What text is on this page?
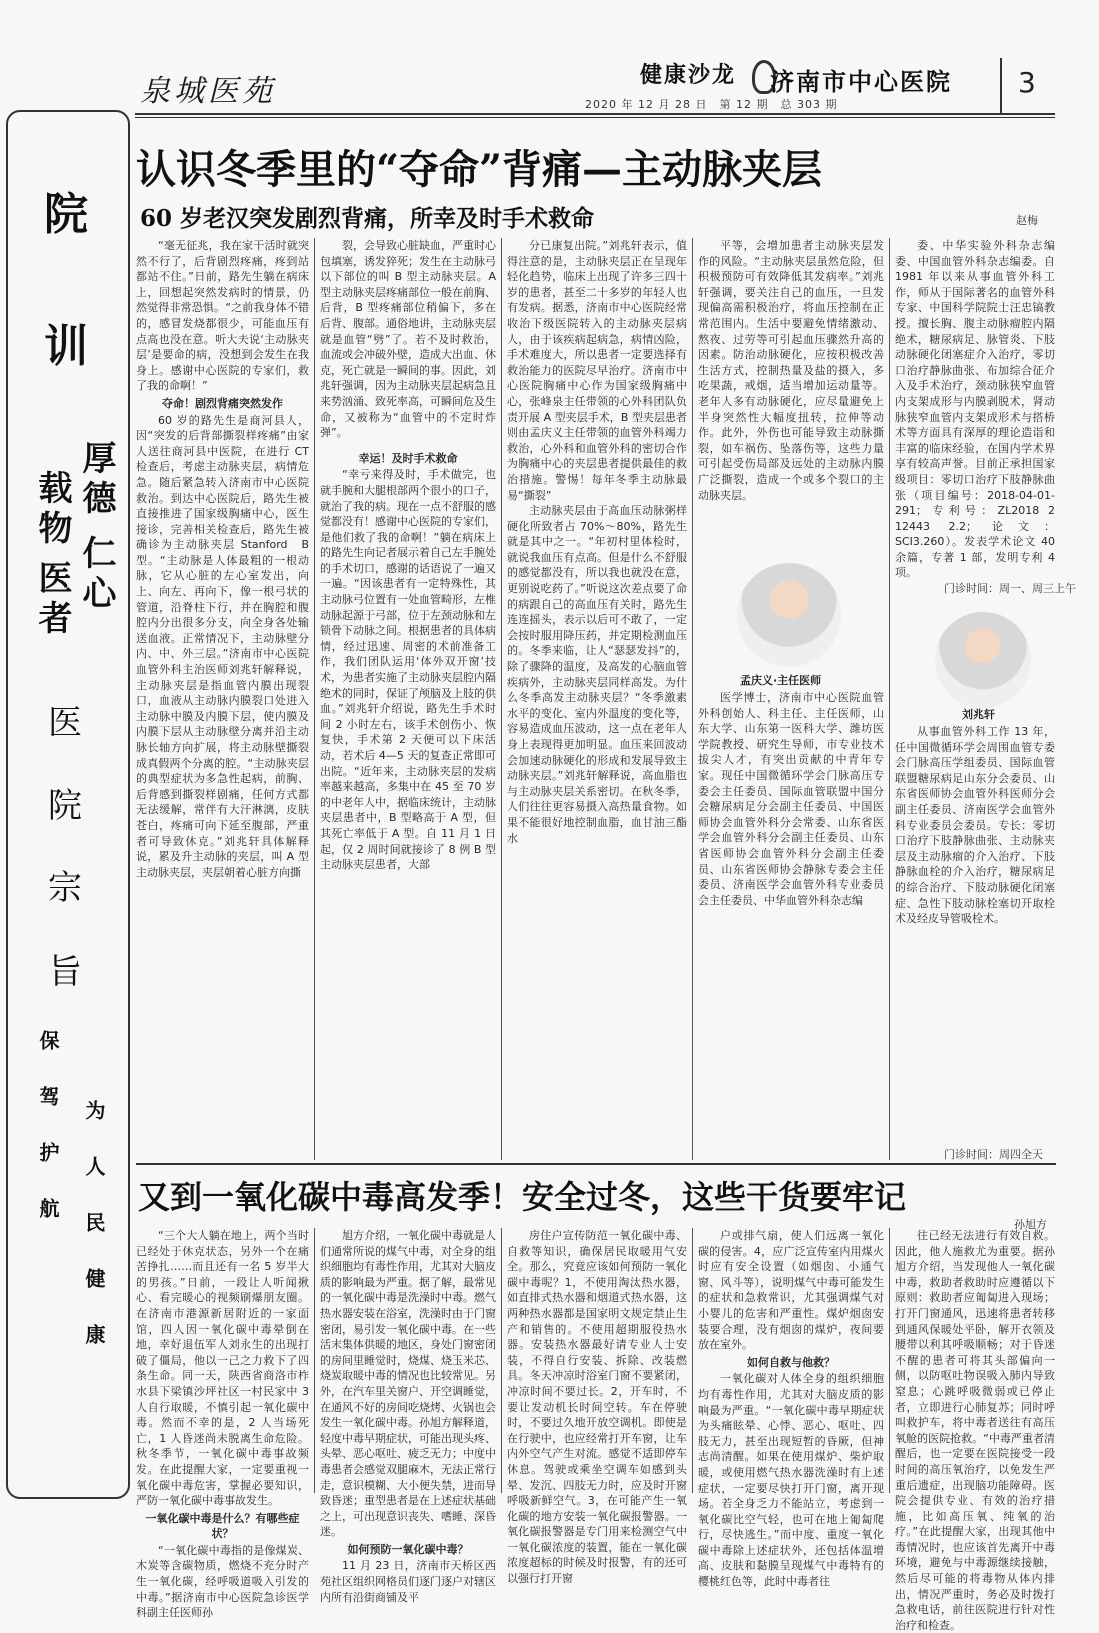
泉城医苑	健康沙龙 济南市中心医院 3
2020 年 12 月 28 日　第 12 期　总 303 期
院
训
厚德
仁心
载物
医者
医
院
宗
旨
保驾护航 为人民健康
认识冬季里的“夺命”背痛—主动脉夹层
60 岁老汉突发剧烈背痛，所幸及时手术救命	赵梅

“毫无征兆，我在家干活时就突然不行了，后背剧烈疼痛，疼到站都站不住。”日前，路先生躺在病床上，回想起突然发病时的情景，仍然觉得非常恐惧。“之前我身体不错的，感冒发烧都很少，可能血压有点高也没在意。听大夫说‘主动脉夹层’是要命的病，没想到会发生在我身上。感谢中心医院的专家们，救了我的命啊！”

夺命！剧烈背痛突然发作

60 岁的路先生是商河县人，因“突发的后背部撕裂样疼痛”由家人送往商河县中医院，在进行 CT 检查后，考虑主动脉夹层，病情危急。随后紧急转入济南市中心医院救治。到达中心医院后，路先生被直接推进了国家级胸痛中心，医生接诊，完善相关检查后，路先生被确诊为主动脉夹层 Stanford　B 型。“主动脉是人体最粗的一根动脉，它从心脏的左心室发出，向上、向左、再向下，像一根弓状的管道，沿脊柱下行，并在胸腔和腹腔内分出很多分支，向全身各处输送血液。正常情况下，主动脉壁分内、中、外三层。”济南市中心医院血管外科主治医师刘兆轩解释说，主动脉夹层是指血管内膜出现裂口，血液从主动脉内膜裂口处进入主动脉中膜及内膜下层，使内膜及内膜下层从主动脉壁分离并沿主动脉长轴方向扩展，将主动脉壁撕裂成真假两个分离的腔。“主动脉夹层的典型症状为多急性起病，前胸、后背感到撕裂样剧痛，任何方式都无法缓解，常伴有大汗淋漓，皮肤苍白，疼痛可向下延至腹部，严重者可导致休克。”刘兆轩具体解释说，累及升主动脉的夹层，叫 A 型主动脉夹层，夹层朝着心脏方向撕

裂，会导致心脏缺血，严重时心包填塞，诱发猝死；发生在主动脉弓以下部位的叫 B 型主动脉夹层。A 型主动脉夹层疼痛部位一般在前胸、后背，B 型疼痛部位稍偏下，多在后背、腹部。通俗地讲，主动脉夹层就是血管“劈”了。若不及时救治，血流或会冲破外壁，造成大出血、休克，死亡就是一瞬间的事。因此，刘兆轩强调，因为主动脉夹层起病急且来势汹涌、致死率高，可瞬间危及生命，又被称为“血管中的不定时炸弹”。

幸运！及时手术救命

“幸亏来得及时，手术做完，也就手腕和大腿根部两个很小的口子，就治了我的病。现在一点不舒服的感觉都没有！感谢中心医院的专家们，是他们救了我的命啊！”躺在病床上的路先生向记者展示着自己左手腕处的手术切口，感谢的话语说了一遍又一遍。“因该患者有一定特殊性，其主动脉弓位置有一处血管畸形，左椎动脉起源于弓部，位于左颈动脉和左锁骨下动脉之间。根据患者的具体病情，经过迅速、周密的术前准备工作，我们团队运用‘体外双开窗’技术，为患者实施了主动脉夹层腔内隔绝术的同时，保证了颅脑及上肢的供血。”刘兆轩介绍说，路先生手术时间 2 小时左右，该手术创伤小、恢复快，手术第 2 天便可以下床活动，若术后 4—5 天的复查正常即可出院。“近年来，主动脉夹层的发病率越来越高，多集中在 45 至 70 岁的中老年人中，据临床统计，主动脉夹层患者中，B 型略高于 A 型，但其死亡率低于 A 型。自 11 月 1 日起，仅 2 周时间就接诊了 8 例 B 型主动脉夹层患者，大部

分已康复出院。”刘兆轩表示，值得注意的是，主动脉夹层正在呈现年轻化趋势，临床上出现了许多三四十岁的患者，甚至二十多岁的年轻人也有发病。据悉，济南市中心医院经常收治下级医院转入的主动脉夹层病人，由于该疾病起病急，病情凶险，手术难度大，所以患者一定要选择有救治能力的医院尽早治疗。济南市中心医院胸痛中心作为国家级胸痛中心，张峰泉主任带领的心外科团队负责开展 A 型夹层手术，B 型夹层患者则由孟庆义主任带领的血管外科竭力救治，心外科和血管外科的密切合作为胸痛中心的夹层患者提供最佳的救治措施。警惕！每年冬季主动脉最易“撕裂”

主动脉夹层由于高血压动脉粥样硬化所致者占 70%～80%，路先生就是其中之一。“年初村里体检时，就说我血压有点高。但是什么不舒服的感觉都没有，所以我也就没在意，更别说吃药了。”听说这次差点要了命的病跟自己的高血压有关时，路先生连连摇头，表示以后可不敢了，一定会按时服用降压药，并定期检测血压的。冬季来临，让人“瑟瑟发抖”的，除了骤降的温度，及高发的心脑血管疾病外，主动脉夹层同样高发。为什么冬季高发主动脉夹层？“冬季激素水平的变化、室内外温度的变化等，容易造成血压波动，这一点在老年人身上表现得更加明显。血压来回波动会加速动脉硬化的形成和发展导致主动脉夹层。”刘兆轩解释说，高血脂也与主动脉夹层关系密切。在秋冬季，人们往往更容易摄入高热量食物。如果不能很好地控制血脂，血甘油三酯水

平等，会增加患者主动脉夹层发作的风险。“主动脉夹层虽然危险，但积极预防可有效降低其发病率。”刘兆轩强调，要关注自己的血压，一旦发现偏高需积极治疗，将血压控制在正常范围内。生活中要避免情绪激动、熬夜、过劳等可引起血压骤然升高的因素。防治动脉硬化，应按积极改善生活方式，控制热量及盐的摄入，多吃果蔬，戒烟，适当增加运动量等。老年人多有动脉硬化，应尽量避免上半身突然性大幅度扭转，拉伸等动作。此外，外伤也可能导致主动脉撕裂，如车祸伤、坠落伤等，这些力量可引起受伤局部及远处的主动脉内膜广泛撕裂，造成一个或多个裂口的主动脉夹层。

孟庆义·主任医师

医学博士，济南市中心医院血管外科创始人、科主任、主任医师，山东大学、山东第一医科大学、潍坊医学院教授、研究生导师，市专业技术拔尖人才，有突出贡献的中青年专家。现任中国微循环学会门脉高压专委会主任委员、国际血管联盟中国分会糖尿病足分会副主任委员、中国医师协会血管外科分会常委、山东省医学会血管外科分会副主任委员、山东省医师协会血管外科分会副主任委员、山东省医师协会静脉专委会主任委员、济南医学会血管外科专业委员会主任委员、中华血管外科杂志编

委、中华实验外科杂志编委、中国血管外科杂志编委。自 1981 年以来从事血管外科工作，师从于国际著名的血管外科专家、中国科学院院士汪忠镐教授。擅长胸、腹主动脉瘤腔内隔绝术，糖尿病足、脉管炎、下肢动脉硬化闭塞症介入治疗，零切口治疗静脉曲张、布加综合征介入及手术治疗，颈动脉狭窄血管内支架成形与内膜剥脱术，肾动脉狭窄血管内支架成形术与搭桥术等方面具有深厚的理论造诣和丰富的临床经验，在国内学术界享有较高声誉。目前正承担国家级项目：零切口治疗下肢静脉曲张（项目编号：2018-04-01-291；专利号：ZL2018 2 12443 2.2；论文：SCI3.260）。发表学术论文 40 余篇，专著 1 部，发明专利 4 项。

门诊时间：周一、周三上午
刘兆轩

从事血管外科工作 13 年，任中国微循环学会周围血管专委会门脉高压学组委员、国际血管联盟糖尿病足山东分会委员、山东省医师协会血管外科医师分会副主任委员、济南医学会血管外科专业委员会委员。专长：零切口治疗下肢静脉曲张、主动脉夹层及主动脉瘤的介入治疗、下肢静脉血栓的介入治疗，糖尿病足的综合治疗、下肢动脉硬化闭塞症、急性下肢动脉栓塞切开取栓术及经皮导管吸栓术。

门诊时间：周四全天
又到一氧化碳中毒高发季！安全过冬，这些干货要牢记
孙旭方

“三个大人躺在地上，两个当时已经处于休克状态，另外一个在痛苦挣扎……而且还有一名 5 岁半大的男孩。”日前，一段让人听闻揪心、看完暖心的视频刷爆朋友圈。在济南市港源新居附近的一家面馆，四人因一氧化碳中毒晕倒在地，幸好退伍军人刘永生的出现打破了僵局，他以一己之力救下了四条生命。同一天，陕西省商洛市柞水县下梁镇沙坪社区一村民家中 3 人自行取暖，不慎引起一氧化碳中毒。然而不幸的是，2 人当场死亡，1 人昏迷尚未脱离生命危险。秋冬季节，一氧化碳中毒事故频发。在此提醒大家，一定要重视一氧化碳中毒危害，掌握必要知识，严防一氧化碳中毒事故发生。

一氧化碳中毒是什么？有哪些症状？

“一氧化碳中毒指的是像煤炭、木炭等含碳物质，燃烧不充分时产生一氧化碳，经呼吸道吸入引发的中毒。”据济南市中心医院急诊医学科副主任医师孙

旭方介绍，一氧化碳中毒就是人们通常所说的煤气中毒，对全身的组织细胞均有毒性作用，尤其对大脑皮质的影响最为严重。据了解，最常见的一氧化碳中毒是洗澡时中毒。燃气热水器安装在浴室，洗澡时由于门窗密闭，易引发一氧化碳中毒。在一些活末集体供暖的地区，身处门窗密闭的房间里睡觉时，烧煤、烧玉米芯、烧炭取暖中毒的情况也比较常见。另外，在汽车里关窗户、开空调睡觉，在通风不好的房间吃烧烤、火锅也会发生一氧化碳中毒。孙旭方解释道，轻度中毒早期症状，可能出现头疼、头晕、恶心呕吐、疲乏无力；中度中毒患者会感觉双腿麻木，无法正常行走，意识模糊、大小便失禁，进而导致昏迷；重型患者是在上述症状基础之上，可出现意识丧失、嗜睡、深昏迷。

如何预防一氧化碳中毒？

11 月 23 日，济南市天桥区西苑社区组织网格员们逐门逐户对辖区内所有沿街商铺及平

房住户宣传防范一氧化碳中毒、自救等知识，确保居民取暖用气安全。那么，究竟应该如何预防一氧化碳中毒呢？1，不使用淘汰热水器，如直排式热水器和烟道式热水器，这两种热水器都是国家明文规定禁止生产和销售的。不使用超期服役热水器。安装热水器最好请专业人士安装，不得自行安装、拆除、改装燃具。冬天冲凉时浴室门窗不要紧闭，冲凉时间不要过长。2，开车时，不要让发动机长时间空转。车在停驶时，不要过久地开放空调机。即使是在行驶中，也应经常打开车窗，让车内外空气产生对流。感觉不适即停车休息。驾驶或乘坐空调车如感到头晕、发沉、四肢无力时，应及时开窗呼吸新鲜空气。3，在可能产生一氧化碳的地方安装一氧化碳报警器。一氧化碳报警器是专门用来检测空气中一氧化碳浓度的装置，能在一氧化碳浓度超标的时候及时报警，有的还可以强行打开窗

户或排气扇，使人们远离一氧化碳的侵害。4，应广泛宣传室内用煤火时应有安全设置（如烟囱、小通气窗、风斗等），说明煤气中毒可能发生的症状和急救常识，尤其强调煤气对小婴儿的危害和严重性。煤炉烟囱安装要合理，没有烟囱的煤炉，夜间要放在室外。

如何自救与他救？

一氧化碳对人体全身的组织细胞均有毒性作用，尤其对大脑皮质的影响最为严重。“一氧化碳中毒早期症状为头痛眩晕、心悸、恶心、呕吐、四肢无力，甚至出现短暂的昏厥，但神志尚清醒。如果在使用煤炉、柴炉取暖，或使用燃气热水器洗澡时有上述症状，一定要尽快打开门窗，离开现场。若全身乏力不能站立，考虑到一氧化碳比空气轻，也可在地上匍匐爬行，尽快逃生。”而中度、重度一氧化碳中毒除上述症状外，还包括体温增高、皮肤和黏膜呈现煤气中毒特有的樱桃红色等，此时中毒者往

往已经无法进行有效自救。因此，他人施救尤为重要。据孙旭方介绍，当发现他人一氧化碳中毒，救助者救助时应遵循以下原则：救助者应匍匐进入现场；打开门窗通风，迅速将患者转移到通风保暖处平卧，解开衣领及腰带以利其呼吸顺畅；对于昏迷不醒的患者可将其头部偏向一侧，以防呕吐物误吸入肺内导致窒息；心跳呼吸微弱或已停止者，立即进行心肺复苏；同时呼叫救护车，将中毒者送往有高压氧舱的医院抢救。“中毒严重者清醒后，也一定要在医院接受一段时间的高压氧治疗，以免发生严重后遗症，出现脑功能障碍。医院会提供专业、有效的治疗措施，比如高压氧、纯氧的治疗。”在此提醒大家，出现其他中毒情况时，也应该首先离开中毒环境，避免与中毒源继续接触，然后尽可能的将毒物从体内排出，情况严重时，务必及时拨打急救电话，前往医院进行针对性治疗和检查。
